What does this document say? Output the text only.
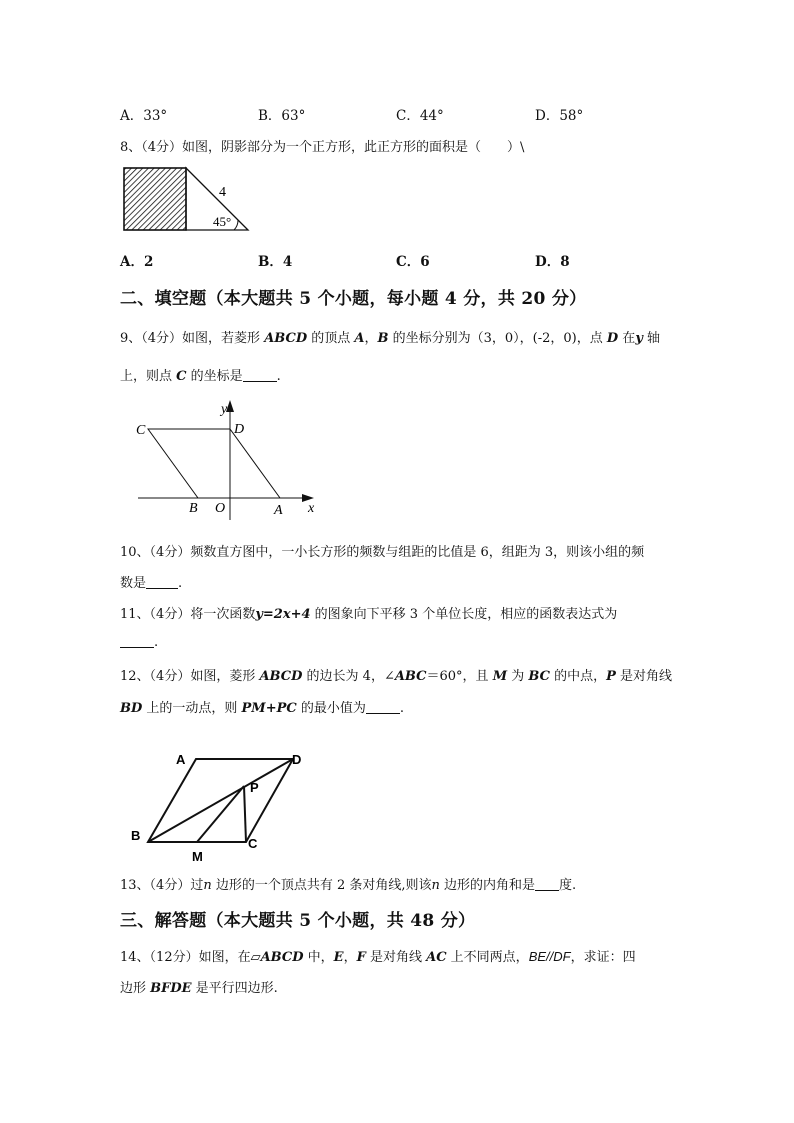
A．33°	B．63°	C．44°	D．58°
8、（4分）如图，阴影部分为一个正方形，此正方形的面积是（　　）\
4
45°
A．2	B．4	C．6	D．8
二、填空题（本大题共 5 个小题，每小题 4 分，共 20 分）
9、（4分）如图，若菱形 ABCD 的顶点 A，B 的坐标分别为（3，0），(-2，0)，点 D 在y 轴
上，则点 C 的坐标是	.
y
C	D
B O	A x
10、（4分）频数直方图中，一小长方形的频数与组距的比值是 6，组距为 3，则该小组的频
数是 .
11、（4分）将一次函数y=2x+4 的图象向下平移 3 个单位长度，相应的函数表达式为
.
12、（4分）如图，菱形 ABCD 的边长为 4，∠ABC＝60°，且 M 为 BC 的中点，P 是对角线
BD 上的一动点，则 PM+PC 的最小值为	.
A	D
P
B
C
M
13、（4分）过n 边形的一个顶点共有 2 条对角线,则该n 边形的内角和是 度.
三、解答题（本大题共 5 个小题，共 48 分）
14、（12分）如图，在▱ABCD 中，E，F 是对角线 AC 上不同两点，BE//DF，求证：四
边形 BFDE 是平行四边形.
